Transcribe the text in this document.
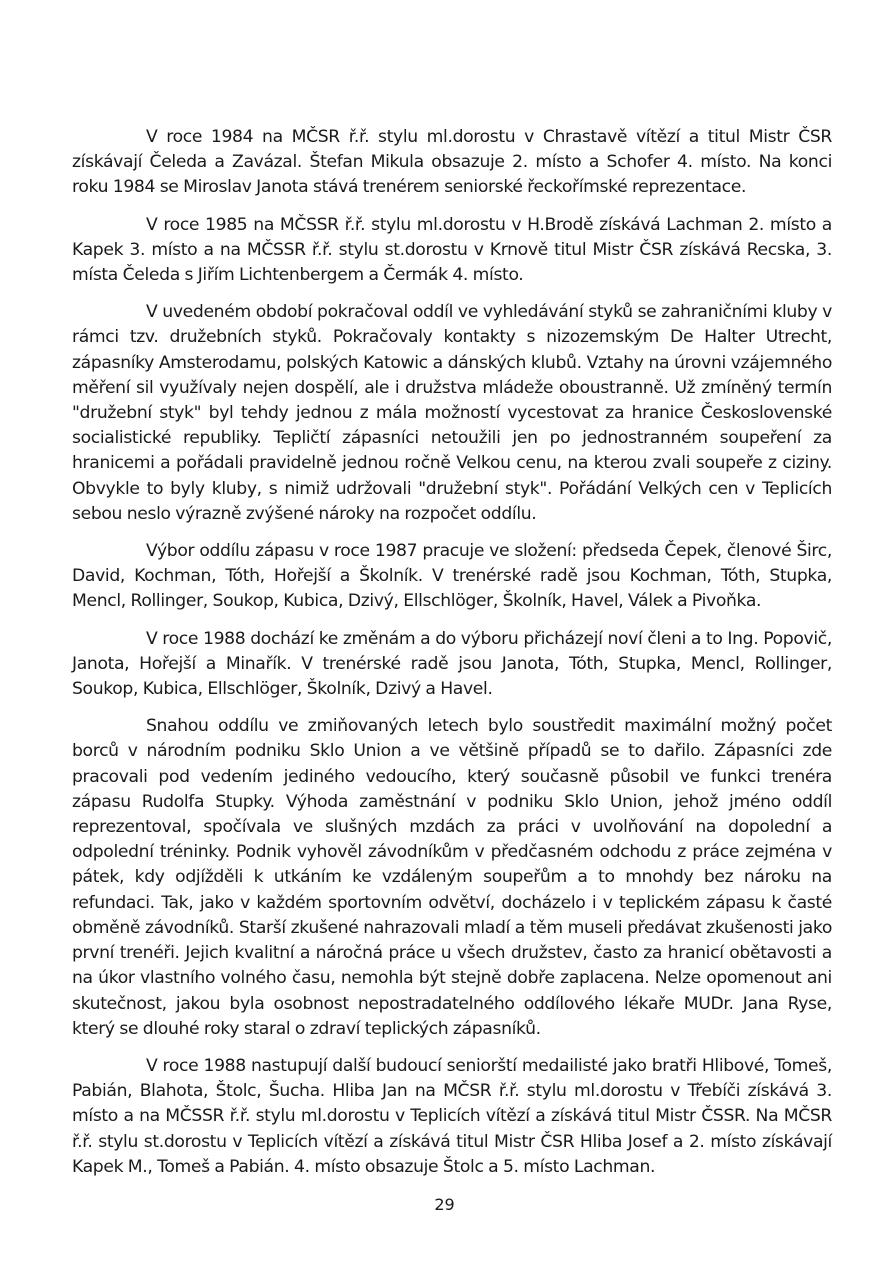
V roce 1984 na MČSR ř.ř. stylu ml.dorostu v Chrastavě vítězí a titul Mistr ČSR získávají Čeleda a Zavázal. Štefan Mikula obsazuje 2. místo a Schofer 4. místo. Na konci roku 1984 se Miroslav Janota stává trenérem seniorské řeckořímské reprezentace.

V roce 1985 na MČSSR ř.ř. stylu ml.dorostu v H.Brodě získává Lachman 2. místo a Kapek 3. místo a na MČSSR ř.ř. stylu st.dorostu v Krnově titul Mistr ČSR získává Recska, 3. místa Čeleda s Jiřím Lichtenbergem a Čermák 4. místo.

V uvedeném období pokračoval oddíl ve vyhledávání styků se zahraničními kluby v rámci tzv. družebních styků. Pokračovaly kontakty s nizozemským De Halter Utrecht, zápasníky Amsterodamu, polských Katowic a dánských klubů. Vztahy na úrovni vzájemného měření sil využívaly nejen dospělí, ale i družstva mládeže oboustranně. Už zmíněný termín "družební styk" byl tehdy jednou z mála možností vycestovat za hranice Československé socialistické republiky. Tepličtí zápasníci netoužili jen po jednostranném soupeření za hranicemi a pořádali pravidelně jednou ročně Velkou cenu, na kterou zvali soupeře z ciziny. Obvykle to byly kluby, s nimiž udržovali "družební styk". Pořádání Velkých cen v Teplicích sebou neslo výrazně zvýšené nároky na rozpočet oddílu.

Výbor oddílu zápasu v roce 1987 pracuje ve složení: předseda Čepek, členové Širc, David, Kochman, Tóth, Hořejší a Školník. V trenérské radě jsou Kochman, Tóth, Stupka, Mencl, Rollinger, Soukop, Kubica, Dzivý, Ellschlöger, Školník, Havel, Válek a Pivoňka.

V roce 1988 dochází ke změnám a do výboru přicházejí noví členi a to Ing. Popovič, Janota, Hořejší a Minařík. V trenérské radě jsou Janota, Tóth, Stupka, Mencl, Rollinger, Soukop, Kubica, Ellschlöger, Školník, Dzivý a Havel.

Snahou oddílu ve zmiňovaných letech bylo soustředit maximální možný počet borců v národním podniku Sklo Union a ve většině případů se to dařilo. Zápasníci zde pracovali pod vedením jediného vedoucího, který současně působil ve funkci trenéra zápasu Rudolfa Stupky. Výhoda zaměstnání v podniku Sklo Union, jehož jméno oddíl reprezentoval, spočívala ve slušných mzdách za práci v uvolňování na dopolední a odpolední tréninky. Podnik vyhověl závodníkům v předčasném odchodu z práce zejména v pátek, kdy odjížděli k utkáním ke vzdáleným soupeřům a to mnohdy bez nároku na refundaci. Tak, jako v každém sportovním odvětví, docházelo i v teplickém zápasu k časté obměně závodníků. Starší zkušené nahrazovali mladí a těm museli předávat zkušenosti jako první trenéři. Jejich kvalitní a náročná práce u všech družstev, často za hranicí obětavosti a na úkor vlastního volného času, nemohla být stejně dobře zaplacena. Nelze opomenout ani skutečnost, jakou byla osobnost nepostradatelného oddílového lékaře MUDr. Jana Ryse, který se dlouhé roky staral o zdraví teplických zápasníků.

V roce 1988 nastupují další budoucí seniorští medailisté jako bratři Hlibové, Tomeš, Pabián, Blahota, Štolc, Šucha. Hliba Jan na MČSR ř.ř. stylu ml.dorostu v Třebíči získává 3. místo a na MČSSR ř.ř. stylu ml.dorostu v Teplicích vítězí a získává titul Mistr ČSSR. Na MČSR ř.ř. stylu st.dorostu v Teplicích vítězí a získává titul Mistr ČSR Hliba Josef a 2. místo získávají Kapek M., Tomeš a Pabián. 4. místo obsazuje Štolc a 5. místo Lachman.

29
